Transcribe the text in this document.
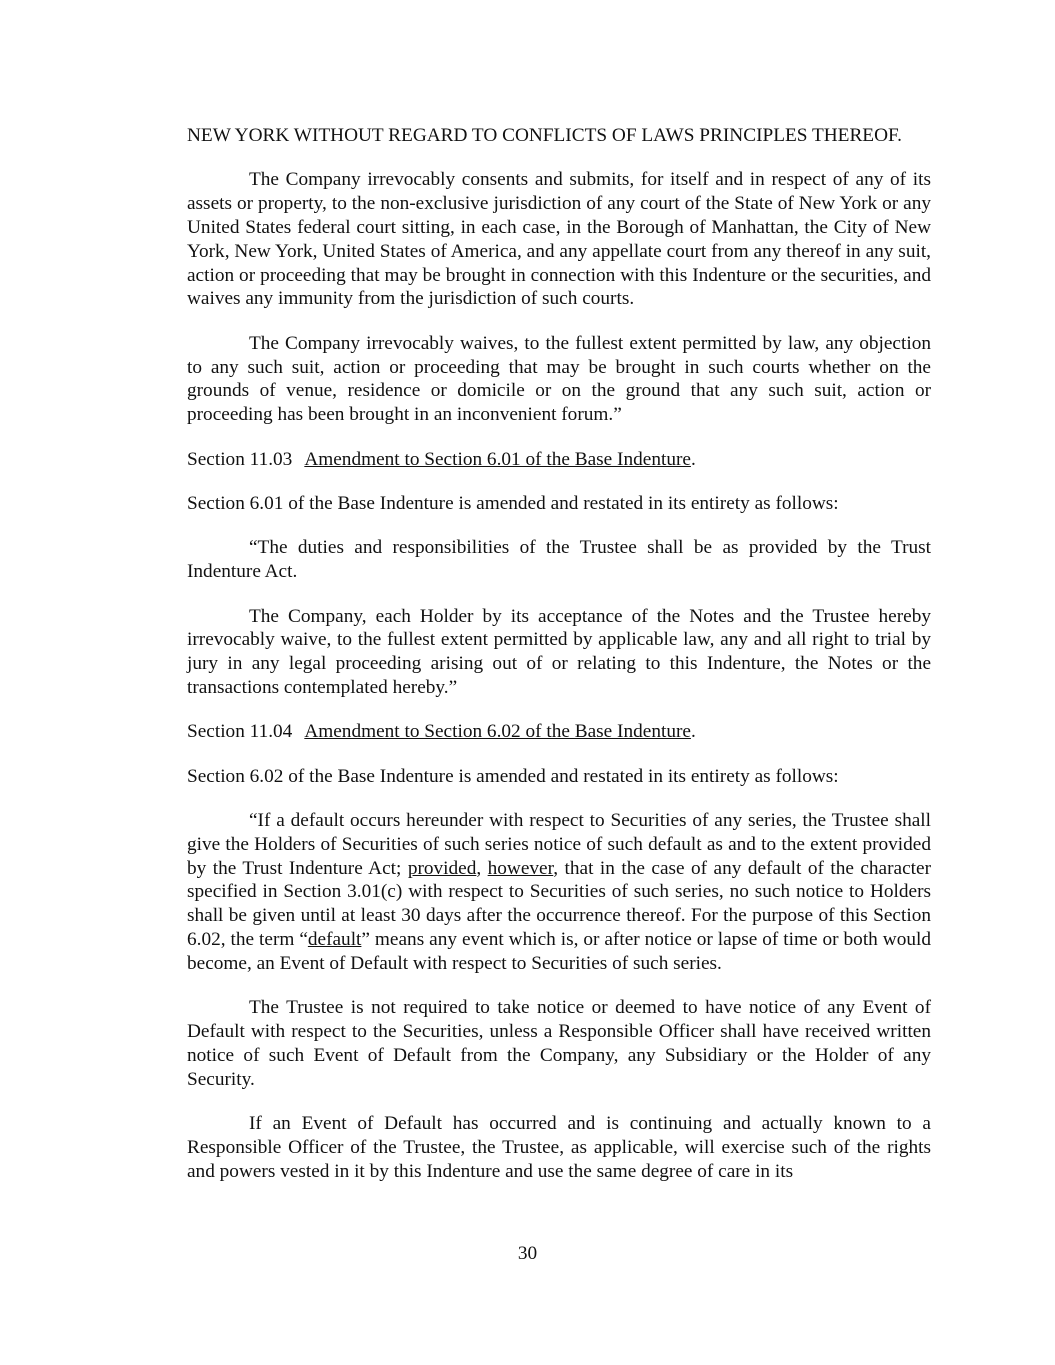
NEW YORK WITHOUT REGARD TO CONFLICTS OF LAWS PRINCIPLES THEREOF.

The Company irrevocably consents and submits, for itself and in respect of any of its assets or property, to the non-exclusive jurisdiction of any court of the State of New York or any United States federal court sitting, in each case, in the Borough of Manhattan, the City of New York, New York, United States of America, and any appellate court from any thereof in any suit, action or proceeding that may be brought in connection with this Indenture or the securities, and waives any immunity from the jurisdiction of such courts.

The Company irrevocably waives, to the fullest extent permitted by law, any objection to any such suit, action or proceeding that may be brought in such courts whether on the grounds of venue, residence or domicile or on the ground that any such suit, action or proceeding has been brought in an inconvenient forum.”

Section 11.03 Amendment to Section 6.01 of the Base Indenture.

Section 6.01 of the Base Indenture is amended and restated in its entirety as follows:

“The duties and responsibilities of the Trustee shall be as provided by the Trust Indenture Act.

The Company, each Holder by its acceptance of the Notes and the Trustee hereby irrevocably waive, to the fullest extent permitted by applicable law, any and all right to trial by jury in any legal proceeding arising out of or relating to this Indenture, the Notes or the transactions contemplated hereby.”

Section 11.04 Amendment to Section 6.02 of the Base Indenture.

Section 6.02 of the Base Indenture is amended and restated in its entirety as follows:

“If a default occurs hereunder with respect to Securities of any series, the Trustee shall give the Holders of Securities of such series notice of such default as and to the extent provided by the Trust Indenture Act; provided, however, that in the case of any default of the character specified in Section 3.01(c) with respect to Securities of such series, no such notice to Holders shall be given until at least 30 days after the occurrence thereof. For the purpose of this Section 6.02, the term “default” means any event which is, or after notice or lapse of time or both would become, an Event of Default with respect to Securities of such series.

The Trustee is not required to take notice or deemed to have notice of any Event of Default with respect to the Securities, unless a Responsible Officer shall have received written notice of such Event of Default from the Company, any Subsidiary or the Holder of any Security.

If an Event of Default has occurred and is continuing and actually known to a Responsible Officer of the Trustee, the Trustee, as applicable, will exercise such of the rights and powers vested in it by this Indenture and use the same degree of care in its

30
